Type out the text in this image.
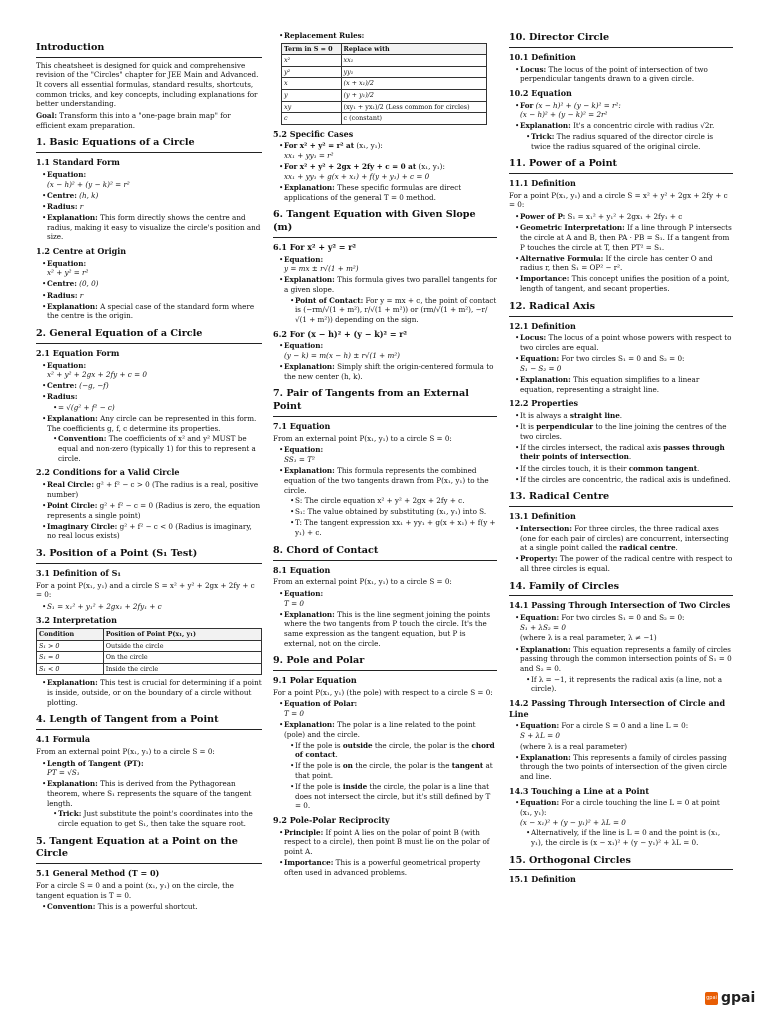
Introduction

This cheatsheet is designed for quick and comprehensive revision of the "Circles" chapter for JEE Main and Advanced. It covers all essential formulas, standard results, shortcuts, common tricks, and key concepts, including explanations for better understanding.

Goal: Transform this into a "one-page brain map" for efficient exam preparation.

1. Basic Equations of a Circle
1.1 Standard Form
• Equation:
(x − h)² + (y − k)² = r²
• Centre: (h, k)
• Radius: r
• Explanation: This form directly shows the centre and radius, making it easy to visualize the circle's position and size.
1.2 Centre at Origin
• Equation:
x² + y² = r²
• Centre: (0, 0)
• Radius: r
• Explanation: A special case of the standard form where the centre is the origin.
2. General Equation of a Circle
2.1 Equation Form
• Equation:
x² + y² + 2gx + 2fy + c = 0
• Centre: (−g, −f)
• Radius:
• = √(g² + f² − c)
• Explanation: Any circle can be represented in this form. The coefficients g, f, c determine its properties.
• Convention: The coefficients of x² and y² MUST be equal and non-zero (typically 1) for this to represent a circle.
2.2 Conditions for a Valid Circle
• Real Circle: g² + f² − c > 0 (The radius is a real, positive number)
• Point Circle: g² + f² − c = 0 (Radius is zero, the equation represents a single point)
• Imaginary Circle: g² + f² − c < 0 (Radius is imaginary, no real locus exists)
3. Position of a Point (S₁ Test)
3.1 Definition of S₁

For a point P(x₁, y₁) and a circle S = x² + y² + 2gx + 2fy + c = 0:

• S₁ = x₁² + y₁² + 2gx₁ + 2fy₁ + c
3.2 Interpretation
Condition	Position of Point P(x₁, y₁)
S₁ > 0	Outside the circle
S₁ = 0	On the circle
S₁ < 0	Inside the circle
• Explanation: This test is crucial for determining if a point is inside, outside, or on the boundary of a circle without plotting.
4. Length of Tangent from a Point
4.1 Formula

From an external point P(x₁, y₁) to a circle S = 0:

• Length of Tangent (PT):
PT = √S₁
• Explanation: This is derived from the Pythagorean theorem, where S₁ represents the square of the tangent length.
• Trick: Just substitute the point's coordinates into the circle equation to get S₁, then take the square root.
5. Tangent Equation at a Point on the Circle
5.1 General Method (T = 0)

For a circle S = 0 and a point (x₁, y₁) on the circle, the tangent equation is T = 0.

• Convention: This is a powerful shortcut.
• Replacement Rules:
Term in S = 0	Replace with
x²	xx₁
y²	yy₁
x	(x + x₁)/2
y	(y + y₁)/2
xy	(xy₁ + yx₁)/2 (Less common for circles)
c	c (constant)
5.2 Specific Cases
• For x² + y² = r² at (x₁, y₁):
xx₁ + yy₁ = r²
• For x² + y² + 2gx + 2fy + c = 0 at (x₁, y₁):
xx₁ + yy₁ + g(x + x₁) + f(y + y₁) + c = 0
• Explanation: These specific formulas are direct applications of the general T = 0 method.
6. Tangent Equation with Given Slope (m)
6.1 For x² + y² = r²
• Equation:
y = mx ± r√(1 + m²)
• Explanation: This formula gives two parallel tangents for a given slope.
• Point of Contact: For y = mx + c, the point of contact is (−rm/√(1 + m²), r/√(1 + m²)) or (rm/√(1 + m²), −r/√(1 + m²)) depending on the sign.
6.2 For (x − h)² + (y − k)² = r²
• Equation:
(y − k) = m(x − h) ± r√(1 + m²)
• Explanation: Simply shift the origin-centered formula to the new center (h, k).
7. Pair of Tangents from an External Point
7.1 Equation

From an external point P(x₁, y₁) to a circle S = 0:

• Equation:
SS₁ = T²
• Explanation: This formula represents the combined equation of the two tangents drawn from P(x₁, y₁) to the circle.
• S: The circle equation x² + y² + 2gx + 2fy + c.
• S₁: The value obtained by substituting (x₁, y₁) into S.
• T: The tangent expression xx₁ + yy₁ + g(x + x₁) + f(y + y₁) + c.
8. Chord of Contact
8.1 Equation

From an external point P(x₁, y₁) to a circle S = 0:

• Equation:
T = 0
• Explanation: This is the line segment joining the points where the two tangents from P touch the circle. It's the same expression as the tangent equation, but P is external, not on the circle.
9. Pole and Polar
9.1 Polar Equation

For a point P(x₁, y₁) (the pole) with respect to a circle S = 0:

• Equation of Polar:
T = 0
• Explanation: The polar is a line related to the point (pole) and the circle.
• If the pole is outside the circle, the polar is the chord of contact.
• If the pole is on the circle, the polar is the tangent at that point.
• If the pole is inside the circle, the polar is a line that does not intersect the circle, but it's still defined by T = 0.
9.2 Pole-Polar Reciprocity
• Principle: If point A lies on the polar of point B (with respect to a circle), then point B must lie on the polar of point A.
• Importance: This is a powerful geometrical property often used in advanced problems.
10. Director Circle
10.1 Definition
• Locus: The locus of the point of intersection of two perpendicular tangents drawn to a given circle.
10.2 Equation
• For (x − h)² + (y − k)² = r²:
(x − h)² + (y − k)² = 2r²
• Explanation: It's a concentric circle with radius √2r.
• Trick: The radius squared of the director circle is twice the radius squared of the original circle.
11. Power of a Point
11.1 Definition

For a point P(x₁, y₁) and a circle S = x² + y² + 2gx + 2fy + c = 0:

• Power of P: S₁ = x₁² + y₁² + 2gx₁ + 2fy₁ + c
• Geometric Interpretation: If a line through P intersects the circle at A and B, then PA · PB = S₁. If a tangent from P touches the circle at T, then PT² = S₁.
• Alternative Formula: If the circle has center O and radius r, then S₁ = OP² − r².
• Importance: This concept unifies the position of a point, length of tangent, and secant properties.
12. Radical Axis
12.1 Definition
• Locus: The locus of a point whose powers with respect to two circles are equal.
• Equation: For two circles S₁ = 0 and S₂ = 0:
S₁ − S₂ = 0
• Explanation: This equation simplifies to a linear equation, representing a straight line.
12.2 Properties
• It is always a straight line.
• It is perpendicular to the line joining the centres of the two circles.
• If the circles intersect, the radical axis passes through their points of intersection.
• If the circles touch, it is their common tangent.
• If the circles are concentric, the radical axis is undefined.
13. Radical Centre
13.1 Definition
• Intersection: For three circles, the three radical axes (one for each pair of circles) are concurrent, intersecting at a single point called the radical centre.
• Property: The power of the radical centre with respect to all three circles is equal.
14. Family of Circles
14.1 Passing Through Intersection of Two Circles
• Equation: For two circles S₁ = 0 and S₂ = 0:
S₁ + λS₂ = 0
(where λ is a real parameter, λ ≠ −1)
• Explanation: This equation represents a family of circles passing through the common intersection points of S₁ = 0 and S₂ = 0.
• If λ = −1, it represents the radical axis (a line, not a circle).
14.2 Passing Through Intersection of Circle and Line
• Equation: For a circle S = 0 and a line L = 0:
S + λL = 0
(where λ is a real parameter)
• Explanation: This represents a family of circles passing through the two points of intersection of the given circle and line.
14.3 Touching a Line at a Point
• Equation: For a circle touching the line L = 0 at point (x₁, y₁):
(x − x₁)² + (y − y₁)² + λL = 0
• Alternatively, if the line is L = 0 and the point is (x₁, y₁), the circle is (x − x₁)² + (y − y₁)² + λL = 0.
15. Orthogonal Circles
15.1 Definition
gpai gpai
